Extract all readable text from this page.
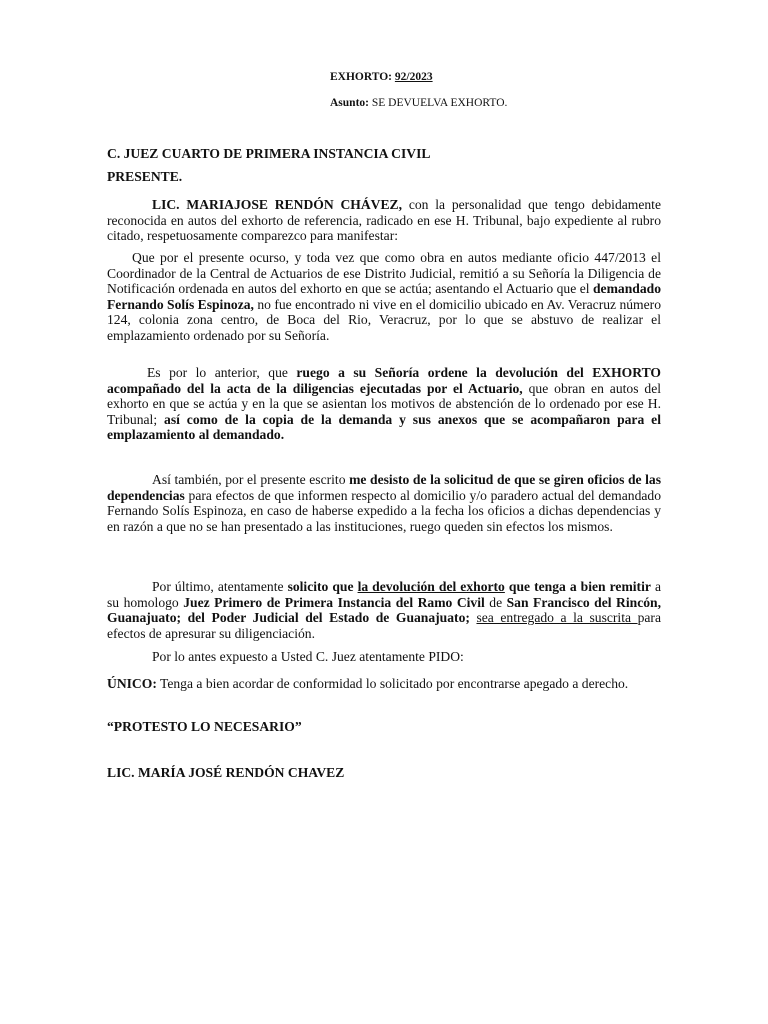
EXHORTO: 92/2023
Asunto: SE DEVUELVA EXHORTO.
C. JUEZ CUARTO DE PRIMERA INSTANCIA CIVIL
PRESENTE.
LIC. MARIAJOSE RENDÓN CHÁVEZ, con la personalidad que tengo debidamente reconocida en autos del exhorto de referencia, radicado en ese H. Tribunal, bajo expediente al rubro citado, respetuosamente comparezco para manifestar:
Que por el presente ocurso, y toda vez que como obra en autos mediante oficio 447/2013 el Coordinador de la Central de Actuarios de ese Distrito Judicial, remitió a su Señoría la Diligencia de Notificación ordenada en autos del exhorto en que se actúa; asentando el Actuario que el demandado Fernando Solís Espinoza, no fue encontrado ni vive en el domicilio ubicado en Av. Veracruz número 124, colonia zona centro, de Boca del Rio, Veracruz, por lo que se abstuvo de realizar el emplazamiento ordenado por su Señoría.
Es por lo anterior, que ruego a su Señoría ordene la devolución del EXHORTO acompañado del la acta de la diligencias ejecutadas por el Actuario, que obran en autos del exhorto en que se actúa y en la que se asientan los motivos de abstención de lo ordenado por ese H. Tribunal; así como de la copia de la demanda y sus anexos que se acompañaron para el emplazamiento al demandado.
Así también, por el presente escrito me desisto de la solicitud de que se giren oficios de las dependencias para efectos de que informen respecto al domicilio y/o paradero actual del demandado Fernando Solís Espinoza, en caso de haberse expedido a la fecha los oficios a dichas dependencias y en razón a que no se han presentado a las instituciones, ruego queden sin efectos los mismos.
Por último, atentamente solicito que la devolución del exhorto que tenga a bien remitir a su homologo Juez Primero de Primera Instancia del Ramo Civil de San Francisco del Rincón, Guanajuato; del Poder Judicial del Estado de Guanajuato; sea entregado a la suscrita para efectos de apresurar su diligenciación.
Por lo antes expuesto a Usted C. Juez atentamente PIDO:
ÚNICO: Tenga a bien acordar de conformidad lo solicitado por encontrarse apegado a derecho.
“PROTESTO LO NECESARIO”
LIC. MARÍA JOSÉ RENDÓN CHAVEZ
